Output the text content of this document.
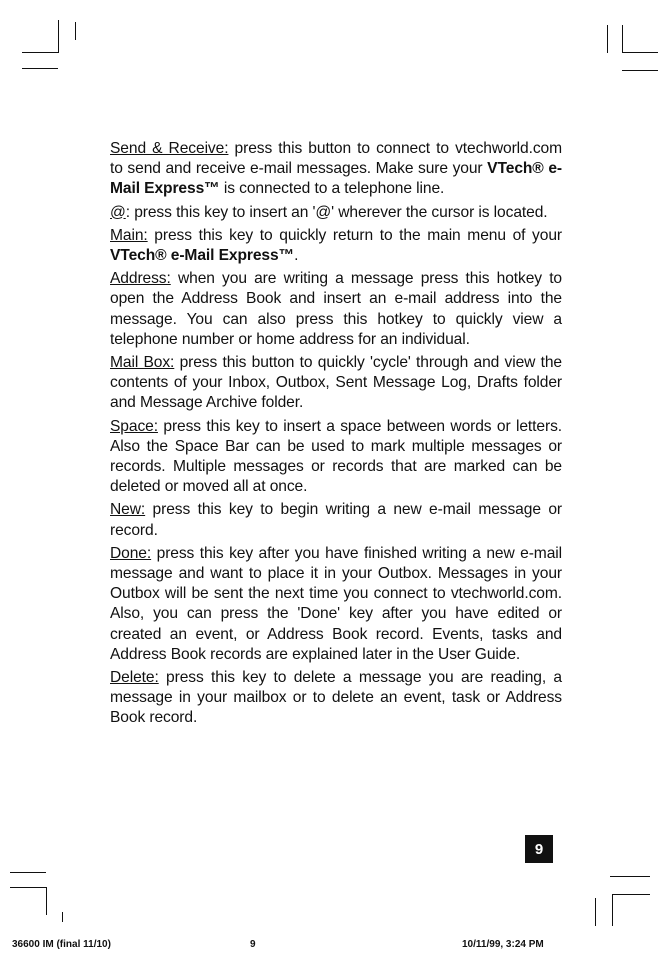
Send & Receive: press this button to connect to vtechworld.com to send and receive e-mail messages. Make sure your VTech® e-Mail Express™ is connected to a telephone line.

@: press this key to insert an '@' wherever the cursor is located.

Main: press this key to quickly return to the main menu of your VTech® e-Mail Express™.

Address: when you are writing a message press this hotkey to open the Address Book and insert an e-mail address into the message. You can also press this hotkey to quickly view a telephone number or home address for an individual.

Mail Box: press this button to quickly 'cycle' through and view the contents of your Inbox, Outbox, Sent Message Log, Drafts folder and Message Archive folder.

Space: press this key to insert a space between words or letters. Also the Space Bar can be used to mark multiple messages or records. Multiple messages or records that are marked can be deleted or moved all at once.

New: press this key to begin writing a new e-mail message or record.

Done: press this key after you have finished writing a new e-mail message and want to place it in your Outbox. Messages in your Outbox will be sent the next time you connect to vtechworld.com. Also, you can press the 'Done' key after you have edited or created an event, or Address Book record. Events, tasks and Address Book records are explained later in the User Guide.

Delete: press this key to delete a message you are reading, a message in your mailbox or to delete an event, task or Address Book record.

9
36600 IM (final 11/10)	9	10/11/99, 3:24 PM
